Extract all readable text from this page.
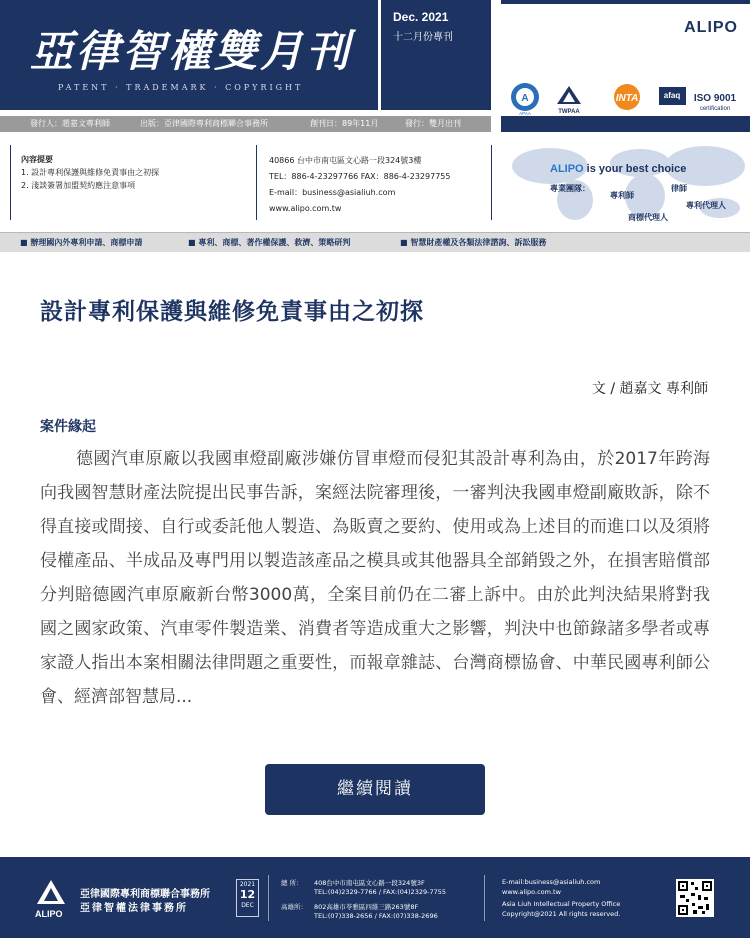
亞律智權雙月刊
PATENT · TRADEMARK · COPYRIGHT
Dec. 2021
十二月份專刊
ALIPO
A
APAA	TWPAA
INTA	afaq ISO 9001
certification
發行人：趙嘉文專利師	出版：亞律國際專利商標聯合事務所	創刊日：89年11月	發行：雙月出刊
內容提要
1. 設計專利保護與維修免責事由之初探
2. 淺談簽署加盟契約應注意事項
40866 台中市南屯區文心路一段324號3樓
TEL：886-4-23297766 FAX：886-4-23297755
E-mail：business@asialiuh.com
www.alipo.com.tw
ALIPO is your best choice
專業團隊：
專利師
律師
專利代理人
商標代理人
■ 辦理國內外專利申請、商標申請	■ 專利、商標、著作權保護、救濟、策略研判	■ 智慧財產權及各類法律諮詢、訴訟服務
設計專利保護與維修免責事由之初探
文 / 趙嘉文 專利師
案件緣起
德國汽車原廠以我國車燈副廠涉嫌仿冒車燈而侵犯其設計專利為由，於2017年跨海向我國智慧財產法院提出民事告訴，案經法院審理後，一審判決我國車燈副廠敗訴，除不得直接或間接、自行或委託他人製造、為販賣之要約、使用或為上述目的而進口以及須將侵權產品、半成品及專門用以製造該產品之模具或其他器具全部銷毀之外，在損害賠償部分判賠德國汽車原廠新台幣3000萬，全案目前仍在二審上訴中。由於此判決結果將對我國之國家政策、汽車零件製造業、消費者等造成重大之影響，判決中也節錄諸多學者或專家證人指出本案相關法律問題之重要性，而報章雜誌、台灣商標協會、中華民國專利師公會、經濟部智慧局...
繼續閱讀
ALIPO
亞律國際專利商標聯合事務所
亞律智權法律事務所
2021
12
DEC
總 所： 408台中市南屯區文心路一段324號3F
TEL:(04)2329-7766 / FAX:(04)2329-7755
高雄所： 802高雄市苓雅區四維三路263號8F
TEL:(07)338-2656 / FAX:(07)338-2696
E-mail:business@asialiuh.com
www.alipo.com.tw
Asia Liuh Intellectual Property Office
Copyright@2021 All rights reserved.
